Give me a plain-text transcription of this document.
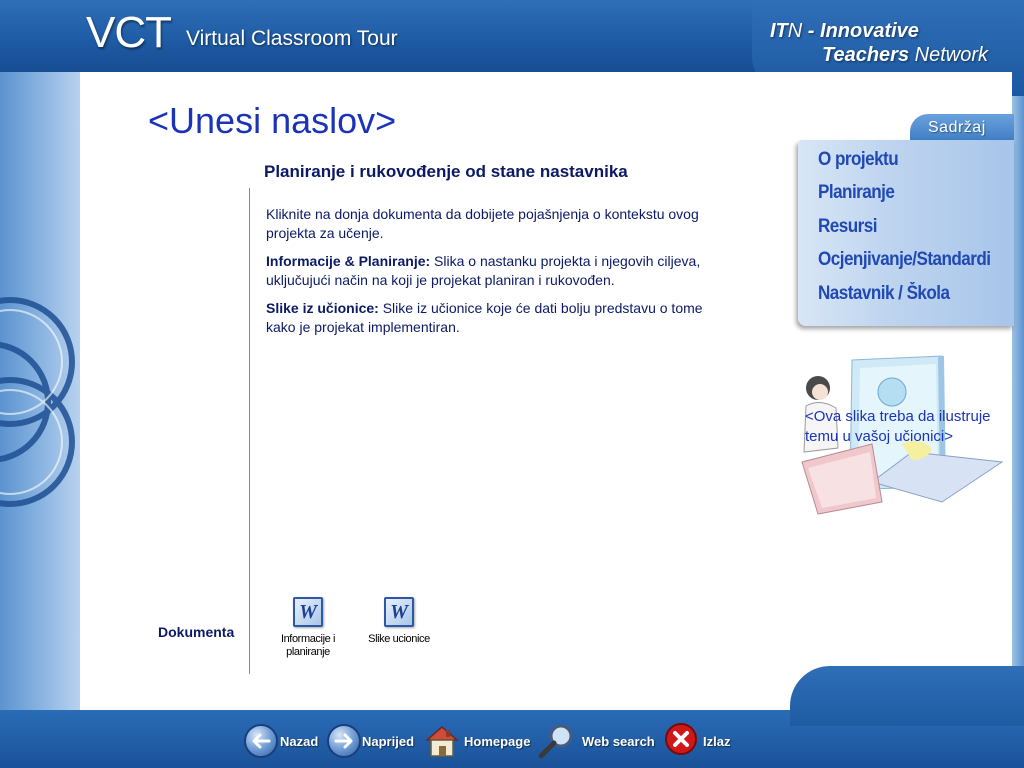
VCT Virtual Classroom Tour	ITN - Innovative
Teachers Network
<Unesi naslov>
Planiranje i rukovođenje od stane nastavnika

Kliknite na donja dokumenta da dobijete pojašnjenja o kontekstu ovog projekta za učenje.

Informacije & Planiranje: Slika o nastanku projekta i njegovih ciljeva, uključujući način na koji je projekat planiran i rukovođen.

Slike iz učionice: Slike iz učionice koje će dati bolju predstavu o tome kako je projekat implementiran.

Dokumenta
W
Informacije i planiranje
W
Slike ucionice
Sadržaj
O projektu
Planiranje
Resursi
Ocjenjivanje/Standardi
Nastavnik / Škola
<Ova slika treba da ilustruje temu u vašoj učionici>
Nazad	Naprijed	Homepage	Web search	Izlaz
